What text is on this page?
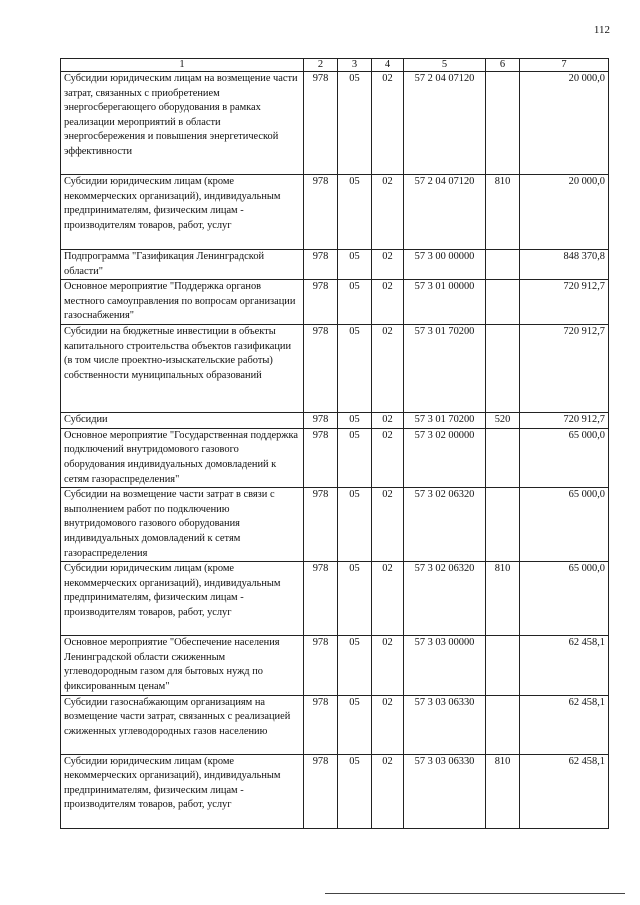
112
1	2	3	4	5	6	7
Субсидии юридическим лицам на возмещение части затрат, связанных с приобретением энергосберегающего оборудования в рамках реализации мероприятий в области энергосбережения и повышения энергетической эффективности	978	05	02	57 2 04 07120		20 000,0
Субсидии юридическим лицам (кроме некоммерческих организаций), индивидуальным предпринимателям, физическим лицам - производителям товаров, работ, услуг	978	05	02	57 2 04 07120	810	20 000,0
Подпрограмма "Газификация Ленинградской области"	978	05	02	57 3 00 00000		848 370,8
Основное мероприятие "Поддержка органов местного самоуправления по вопросам организации газоснабжения"	978	05	02	57 3 01 00000		720 912,7
Субсидии на бюджетные инвестиции в объекты капитального строительства объектов газификации (в том числе проектно-изыскательские работы) собственности муниципальных образований	978	05	02	57 3 01 70200		720 912,7
Субсидии	978	05	02	57 3 01 70200	520	720 912,7
Основное мероприятие "Государственная поддержка подключений внутридомового газового оборудования индивидуальных домовладений к сетям газораспределения"	978	05	02	57 3 02 00000		65 000,0
Субсидии на возмещение части затрат в связи с выполнением работ по подключению внутридомового газового оборудования индивидуальных домовладений к сетям газораспределения	978	05	02	57 3 02 06320		65 000,0
Субсидии юридическим лицам (кроме некоммерческих организаций), индивидуальным предпринимателям, физическим лицам - производителям товаров, работ, услуг	978	05	02	57 3 02 06320	810	65 000,0
Основное мероприятие "Обеспечение населения Ленинградской области сжиженным углеводородным газом для бытовых нужд по фиксированным ценам"	978	05	02	57 3 03 00000		62 458,1
Субсидии газоснабжающим организациям на возмещение части затрат, связанных с реализацией сжиженных углеводородных газов населению	978	05	02	57 3 03 06330		62 458,1
Субсидии юридическим лицам (кроме некоммерческих организаций), индивидуальным предпринимателям, физическим лицам - производителям товаров, работ, услуг	978	05	02	57 3 03 06330	810	62 458,1
